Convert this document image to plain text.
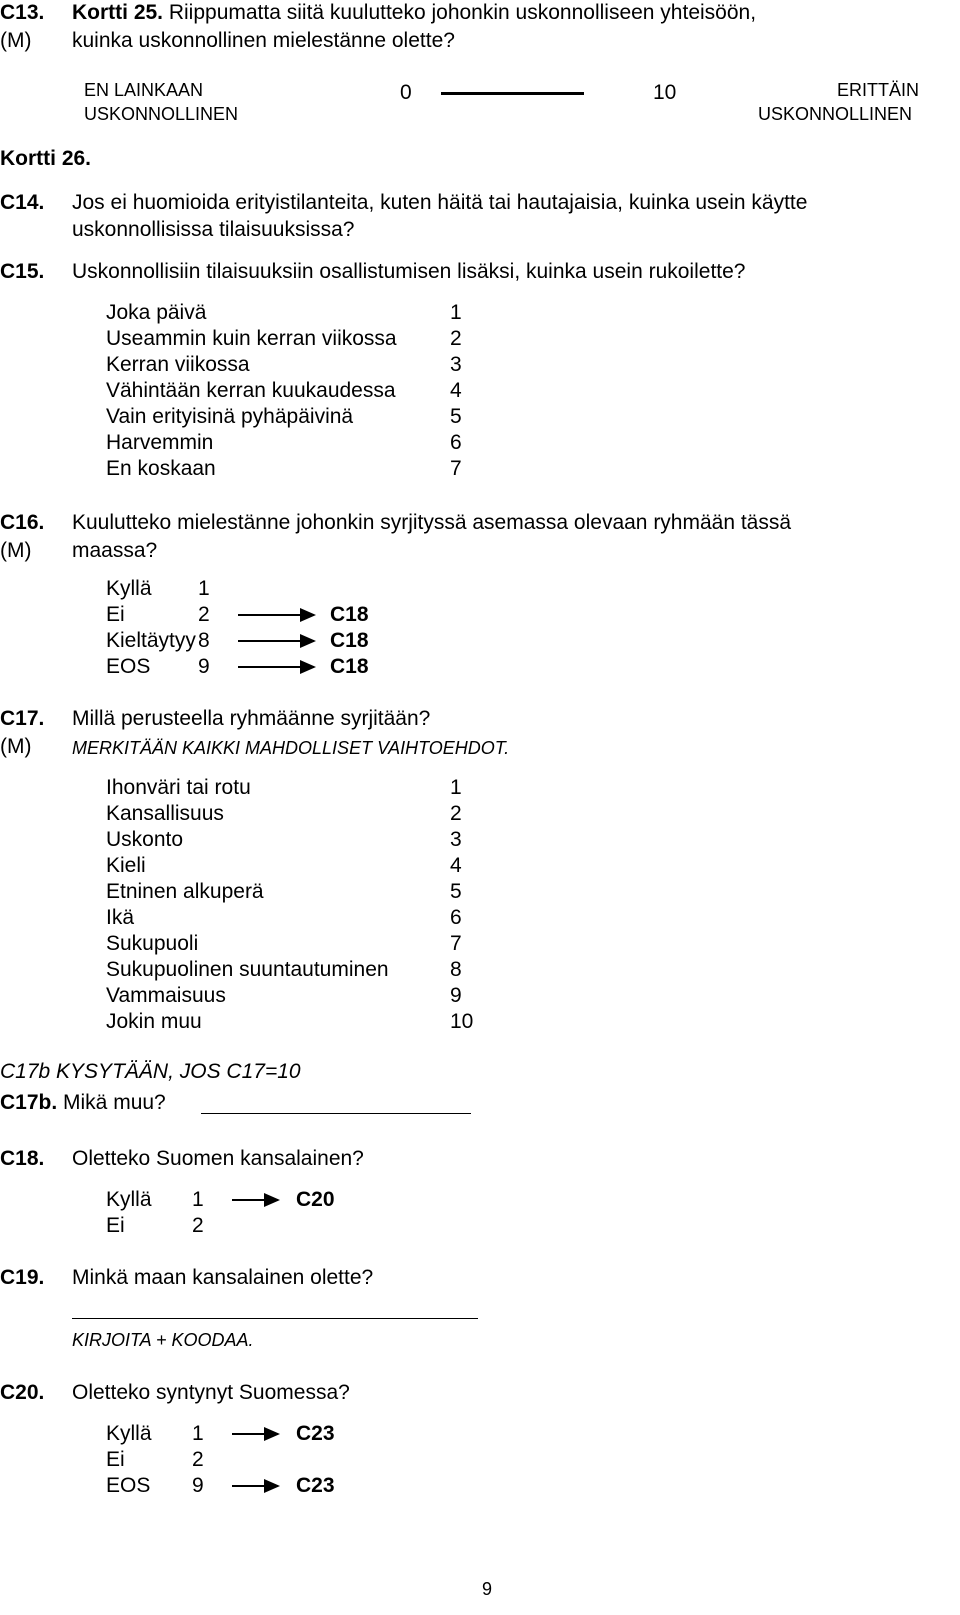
C13. Kortti 25. Riippumatta siitä kuulutteko johonkin uskonnolliseen yhteisöön,
(M) kuinka uskonnollinen mielestänne olette?
EN LAINKAAN
USKONNOLLINEN
0	10	ERITTÄIN
USKONNOLLINEN
Kortti 26.
C14. Jos ei huomioida erityistilanteita, kuten häitä tai hautajaisia, kuinka usein käytte
uskonnollisissa tilaisuuksissa?
C15. Uskonnollisiin tilaisuuksiin osallistumisen lisäksi, kuinka usein rukoilette?
Joka päivä	1
Useammin kuin kerran viikossa	2
Kerran viikossa	3
Vähintään kerran kuukaudessa	4
Vain erityisinä pyhäpäivinä	5
Harvemmin	6
En koskaan	7
C16. Kuulutteko mielestänne johonkin syrjityssä asemassa olevaan ryhmään tässä
(M) maassa?
Kyllä 1
Ei	2	C18
Kieltäytyy 8	C18
EOS 9	C18
C17. Millä perusteella ryhmäänne syrjitään?
(M) MERKITÄÄN KAIKKI MAHDOLLISET VAIHTOEHDOT.
Ihonväri tai rotu	1
Kansallisuus	2
Uskonto	3
Kieli	4
Etninen alkuperä	5
Ikä	6
Sukupuoli	7
Sukupuolinen suuntautuminen	8
Vammaisuus	9
Jokin muu	10
C17b KYSYTÄÄN, JOS C17=10
C17b. Mikä muu?
C18. Oletteko Suomen kansalainen?
Kyllä 1	C20
Ei	2
C19. Minkä maan kansalainen olette?
KIRJOITA + KOODAA.
C20. Oletteko syntynyt Suomessa?
Kyllä 1	C23
Ei	2
EOS 9	C23
9
